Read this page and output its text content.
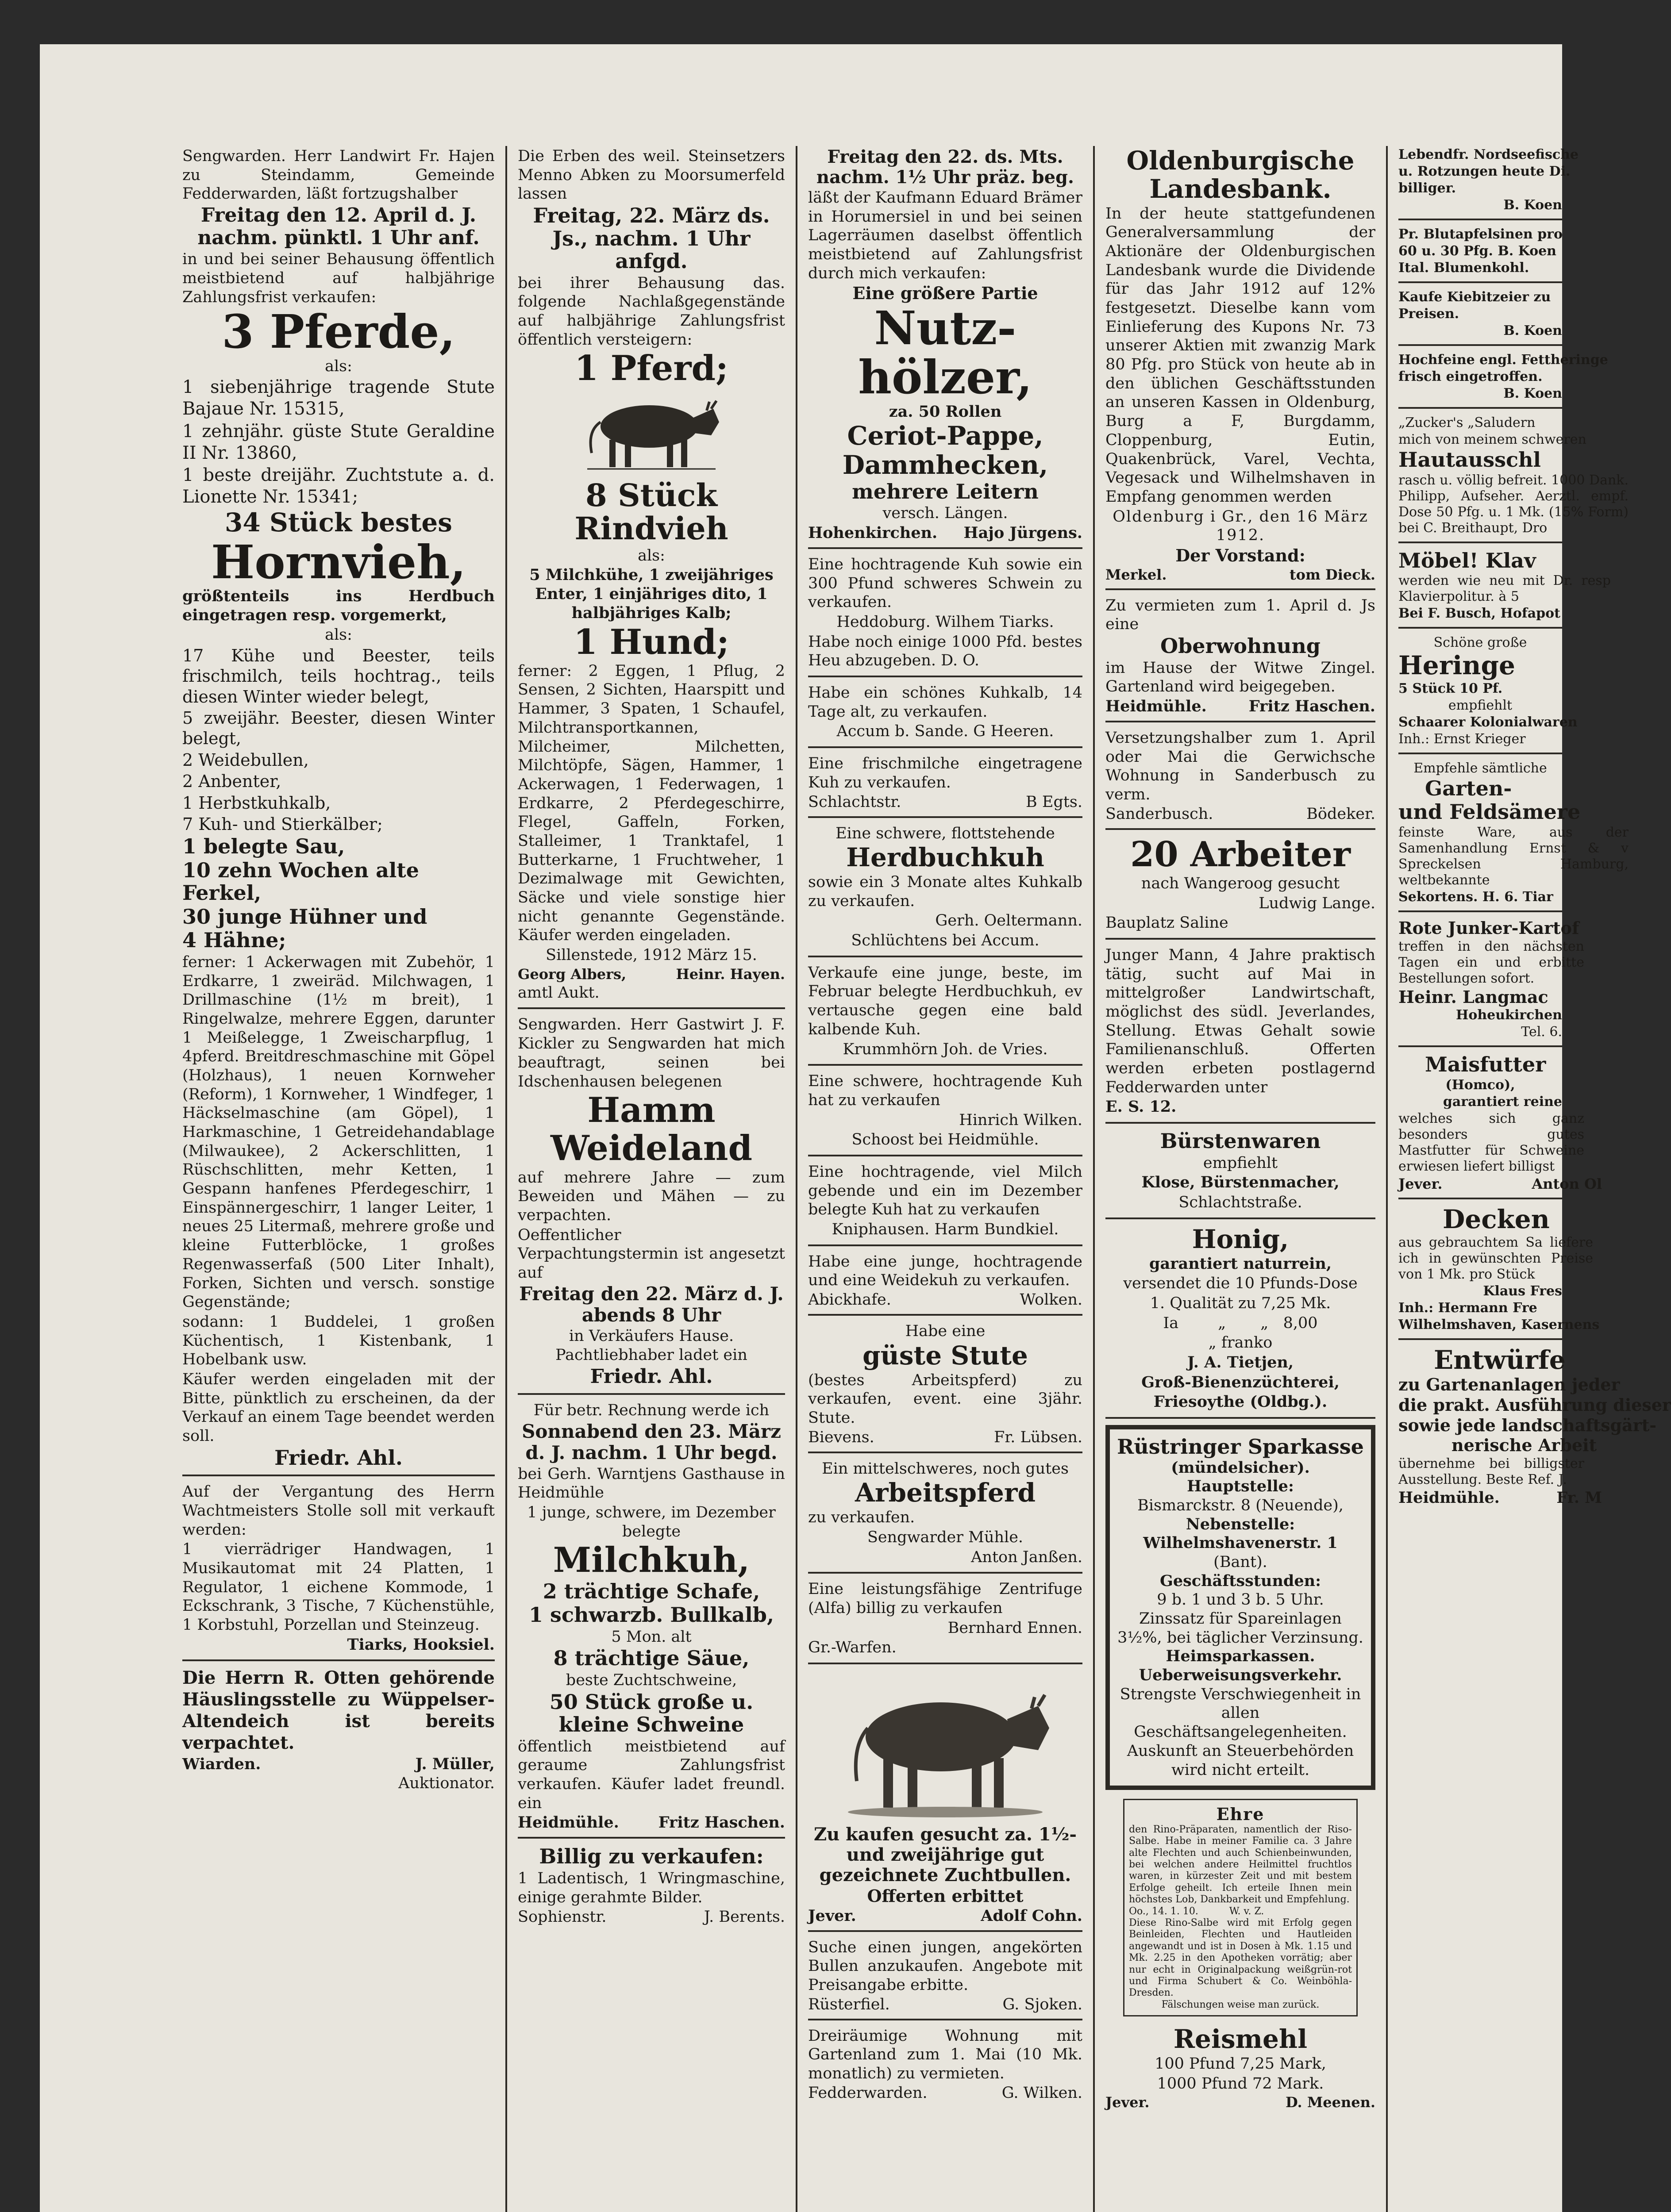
Sengwarden. Herr Landwirt Fr. Hajen zu Steindamm, Gemeinde Fedderwarden, läßt fortzugshalber
Freitag den 12. April d. J. nachm. pünktl. 1 Uhr anf.
in und bei seiner Behausung öffentlich meistbietend auf halbjährige Zahlungsfrist verkaufen:
3 Pferde,
als:
1 siebenjährige tragende Stute Bajaue Nr. 15315,
1 zehnjähr. güste Stute Geraldine II Nr. 13860,
1 beste dreijähr. Zuchtstute a. d. Lionette Nr. 15341;
34 Stück bestes
Hornvieh,
größtenteils ins Herdbuch eingetragen resp. vorgemerkt,
als:
17 Kühe und Beester, teils frischmilch, teils hochtrag., teils diesen Winter wieder belegt,
5 zweijähr. Beester, diesen Winter belegt,
2 Weidebullen,
2 Anbenter,
1 Herbstkuhkalb,
7 Kuh- und Stierkälber;
1 belegte Sau,
10 zehn Wochen alte Ferkel,
30 junge Hühner und
4 Hähne;
ferner: 1 Ackerwagen mit Zubehör, 1 Erdkarre, 1 zweiräd. Milchwagen, 1 Drillmaschine (1½ m breit), 1 Ringelwalze, mehrere Eggen, darunter 1 Meißelegge, 1 Zweischarpflug, 1 4pferd. Breitdreschmaschine mit Göpel (Holzhaus), 1 neuen Kornweher (Reform), 1 Kornweher, 1 Windfeger, 1 Häckselmaschine (am Göpel), 1 Harkmaschine, 1 Getreidehandablage (Milwaukee), 2 Ackerschlitten, 1 Rüschschlitten, mehr Ketten, 1 Gespann hanfenes Pferdegeschirr, 1 Einspännergeschirr, 1 langer Leiter, 1 neues 25 Litermaß, mehrere große und kleine Futterblöcke, 1 großes Regenwasserfaß (500 Liter Inhalt), Forken, Sichten und versch. sonstige Gegenstände;
sodann: 1 Buddelei, 1 großen Küchentisch, 1 Kistenbank, 1 Hobelbank usw.
Käufer werden eingeladen mit der Bitte, pünktlich zu erscheinen, da der Verkauf an einem Tage beendet werden soll.
Friedr. Ahl.
Auf der Vergantung des Herrn Wachtmeisters Stolle soll mit verkauft werden:
1 vierrädriger Handwagen, 1 Musikautomat mit 24 Platten, 1 Regulator, 1 eichene Kommode, 1 Eckschrank, 3 Tische, 7 Küchenstühle, 1 Korbstuhl, Porzellan und Steinzeug.
Tiarks, Hooksiel.
Die Herrn R. Otten gehörende Häuslingsstelle zu Wüppelser-Altendeich ist bereits verpachtet.
Wiarden.	J. Müller,
Auktionator.
Die Erben des weil. Steinsetzers Menno Abken zu Moorsumerfeld lassen
Freitag, 22. März ds. Js., nachm. 1 Uhr anfgd.
bei ihrer Behausung das. folgende Nachlaßgegenstände auf halbjährige Zahlungsfrist öffentlich versteigern:
1 Pferd;
8 Stück Rindvieh
als:
5 Milchkühe, 1 zweijähriges Enter, 1 einjähriges dito, 1 halbjähriges Kalb;
1 Hund;
ferner: 2 Eggen, 1 Pflug, 2 Sensen, 2 Sichten, Haarspitt und Hammer, 3 Spaten, 1 Schaufel, Milchtransportkannen, Milcheimer, Milchetten, Milchtöpfe, Sägen, Hammer, 1 Ackerwagen, 1 Federwagen, 1 Erdkarre, 2 Pferdegeschirre, Flegel, Gaffeln, Forken, Stalleimer, 1 Tranktafel, 1 Butterkarne, 1 Fruchtweher, 1 Dezimalwage mit Gewichten, Säcke und viele sonstige hier nicht genannte Gegenstände. Käufer werden eingeladen.
Sillenstede, 1912 März 15.
Georg Albers,	Heinr. Hayen.
amtl Aukt.
Sengwarden. Herr Gastwirt J. F. Kickler zu Sengwarden hat mich beauftragt, seinen bei Idschenhausen belegenen
Hamm
Weideland
auf mehrere Jahre — zum Beweiden und Mähen — zu verpachten.
Oeffentlicher Verpachtungstermin ist angesetzt auf
Freitag den 22. März d. J. abends 8 Uhr
in Verkäufers Hause. Pachtliebhaber ladet ein
Friedr. Ahl.
Für betr. Rechnung werde ich
Sonnabend den 23. März d. J. nachm. 1 Uhr begd.
bei Gerh. Warntjens Gasthause in Heidmühle
1 junge, schwere, im Dezember belegte
Milchkuh,
2 trächtige Schafe,
1 schwarzb. Bullkalb,
5 Mon. alt
8 trächtige Säue,
beste Zuchtschweine,
50 Stück große u. kleine Schweine
öffentlich meistbietend auf geraume Zahlungsfrist verkaufen. Käufer ladet freundl. ein
Heidmühle.	Fritz Haschen.
Billig zu verkaufen:
1 Ladentisch, 1 Wringmaschine, einige gerahmte Bilder.
Sophienstr.	J. Berents.
Freitag den 22. ds. Mts. nachm. 1½ Uhr präz. beg.
läßt der Kaufmann Eduard Brämer in Horumersiel in und bei seinen Lagerräumen daselbst öffentlich meistbietend auf Zahlungsfrist durch mich verkaufen:
Eine größere Partie
Nutz-
hölzer,
za. 50 Rollen
Ceriot-Pappe,
Dammhecken,
mehrere Leitern
versch. Längen.
Hohenkirchen. Hajo Jürgens.
Eine hochtragende Kuh sowie ein 300 Pfund schweres Schwein zu verkaufen.
Heddoburg. Wilhem Tiarks.
Habe noch einige 1000 Pfd. bestes Heu abzugeben. D. O.
Habe ein schönes Kuhkalb, 14 Tage alt, zu verkaufen.
Accum b. Sande. G Heeren.
Eine frischmilche eingetragene Kuh zu verkaufen.
Schlachtstr.	B Egts.
Eine schwere, flottstehende
Herdbuchkuh
sowie ein 3 Monate altes Kuhkalb zu verkaufen.
Gerh. Oeltermann.
Schlüchtens bei Accum.
Verkaufe eine junge, beste, im Februar belegte Herdbuchkuh, ev vertausche gegen eine bald kalbende Kuh.
Krummhörn Joh. de Vries.
Eine schwere, hochtragende Kuh hat zu verkaufen
Hinrich Wilken.
Schoost bei Heidmühle.
Eine hochtragende, viel Milch gebende und ein im Dezember belegte Kuh hat zu verkaufen
Kniphausen. Harm Bundkiel.
Habe eine junge, hochtragende und eine Weidekuh zu verkaufen.
Abickhafe.	Wolken.
Habe eine
güste Stute
(bestes Arbeitspferd) zu verkaufen, event. eine 3jähr. Stute.
Bievens.	Fr. Lübsen.
Ein mittelschweres, noch gutes
Arbeitspferd
zu verkaufen.
Sengwarder Mühle.
Anton Janßen.
Eine leistungsfähige Zentrifuge (Alfa) billig zu verkaufen
Bernhard Ennen.
Gr.-Warfen.
Zu kaufen gesucht za. 1½- und zweijährige gut gezeichnete Zuchtbullen.
Offerten erbittet
Jever.	Adolf Cohn.
Suche einen jungen, angekörten Bullen anzukaufen. Angebote mit Preisangabe erbitte.
Rüsterfiel.	G. Sjoken.
Dreiräumige Wohnung mit Gartenland zum 1. Mai (10 Mk. monatlich) zu vermieten.
Fedderwarden.	G. Wilken.
Oldenburgische Landesbank.
In der heute stattgefundenen Generalversammlung der Aktionäre der Oldenburgischen Landesbank wurde die Dividende für das Jahr 1912 auf 12% festgesetzt. Dieselbe kann vom Einlieferung des Kupons Nr. 73 unserer Aktien mit zwanzig Mark 80 Pfg. pro Stück von heute ab in den üblichen Geschäftsstunden an unseren Kassen in Oldenburg, Burg a F, Burgdamm, Cloppenburg, Eutin, Quakenbrück, Varel, Vechta, Vegesack und Wilhelmshaven in Empfang genommen werden
Oldenburg i Gr., den 16 März 1912.
Der Vorstand:
Merkel.	tom Dieck.
Zu vermieten zum 1. April d. Js eine
Oberwohnung
im Hause der Witwe Zingel. Gartenland wird beigegeben.
Heidmühle.	Fritz Haschen.
Versetzungshalber zum 1. April oder Mai die Gerwichsche Wohnung in Sanderbusch zu verm.
Sanderbusch.	Bödeker.
20 Arbeiter
nach Wangeroog gesucht
Ludwig Lange.
Bauplatz Saline
Junger Mann, 4 Jahre praktisch tätig, sucht auf Mai in mittelgroßer Landwirtschaft, möglichst des südl. Jeverlandes, Stellung. Etwas Gehalt sowie Familienanschluß. Offerten werden erbeten postlagernd Fedderwarden unter
E. S. 12.
Bürstenwaren
empfiehlt
Klose, Bürstenmacher,
Schlachtstraße.
Honig,
garantiert naturrein,
versendet die 10 Pfunds-Dose
1. Qualität zu 7,25 Mk.
Ia        „       „   8,00
„ franko
J. A. Tietjen,
Groß-Bienenzüchterei,
Friesoythe (Oldbg.).
Rüstringer Sparkasse
(mündelsicher).
Hauptstelle:
Bismarckstr. 8 (Neuende),
Nebenstelle:
Wilhelmshavenerstr. 1
(Bant).
Geschäftsstunden:
9 b. 1 und 3 b. 5 Uhr.
Zinssatz für Spareinlagen 3½%, bei täglicher Verzinsung.
Heimsparkassen.
Ueberweisungsverkehr.
Strengste Verschwiegenheit in allen Geschäftsangelegenheiten.
Auskunft an Steuerbehörden wird nicht erteilt.
Ehre
den Rino-Präparaten, namentlich der Riso-Salbe. Habe in meiner Familie ca. 3 Jahre alte Flechten und auch Schienbeinwunden, bei welchen andere Heilmittel fruchtlos waren, in kürzester Zeit und mit bestem Erfolge geheilt. Ich erteile Ihnen mein höchstes Lob, Dankbarkeit und Empfehlung.
Oo., 14. 1. 10.          W. v. Z.
Diese Rino-Salbe wird mit Erfolg gegen Beinleiden, Flechten und Hautleiden angewandt und ist in Dosen à Mk. 1.15 und Mk. 2.25 in den Apotheken vorrätig; aber nur echt in Originalpackung weißgrün-rot und Firma Schubert & Co. Weinböhla-Dresden.
Fälschungen weise man zurück.
Reismehl
100 Pfund 7,25 Mark,
1000 Pfund 72 Mark.
Jever.	D. Meenen.
Lebendfr. Nordseefische
u. Rotzungen heute Di.
billiger.
B. Koen
Pr. Blutapfelsinen pro
60 u. 30 Pfg. B. Koen
Ital. Blumenkohl.
Kaufe Kiebitzeier zu
Preisen.
B. Koen
Hochfeine engl. Fettheringe
frisch eingetroffen.
B. Koen
„Zucker's „Saludern
mich von meinem schweren
Hautausschl
rasch u. völlig befreit. 1000 Dank. Philipp, Aufseher. Aerztl. empf. Dose 50 Pfg. u. 1 Mk. (15% Form) bei C. Breithaupt, Dro
Möbel! Klav
werden wie neu mit Dr. resp Klavierpolitur. à 5
Bei F. Busch, Hofapot
Schöne große
Heringe
5 Stück 10 Pf.
empfiehlt
Schaarer Kolonialwaren
Inh.: Ernst Krieger
Empfehle sämtliche
Garten-
und Feldsämere
feinste Ware, aus der Samenhandlung Ernst & v Spreckelsen Hamburg, weltbekannte
Sekortens. H. 6. Tiar
Rote Junker-Kartof
treffen in den nächsten Tagen ein und erbitte Bestellungen sofort.
Heinr. Langmac
Hoheukirchen
Tel. 6.
Maisfutter
(Homco),
garantiert reine
welches sich ganz besonders gutes Mastfutter für Schweine erwiesen liefert billigst
Jever.	Anton Ol
Decken
aus gebrauchtem Sa liefere ich in gewünschten Preise von 1 Mk. pro Stück
Klaus Fres
Inh.: Hermann Fre
Wilhelmshaven, Kasernens
Entwürfe
zu Gartenanlagen jeder
die prakt. Ausführung dieser
sowie jede landschaftsgärt-
nerische Arbeit
übernehme bei billigster Ausstellung. Beste Ref. J.
Heidmühle.	Fr. M
